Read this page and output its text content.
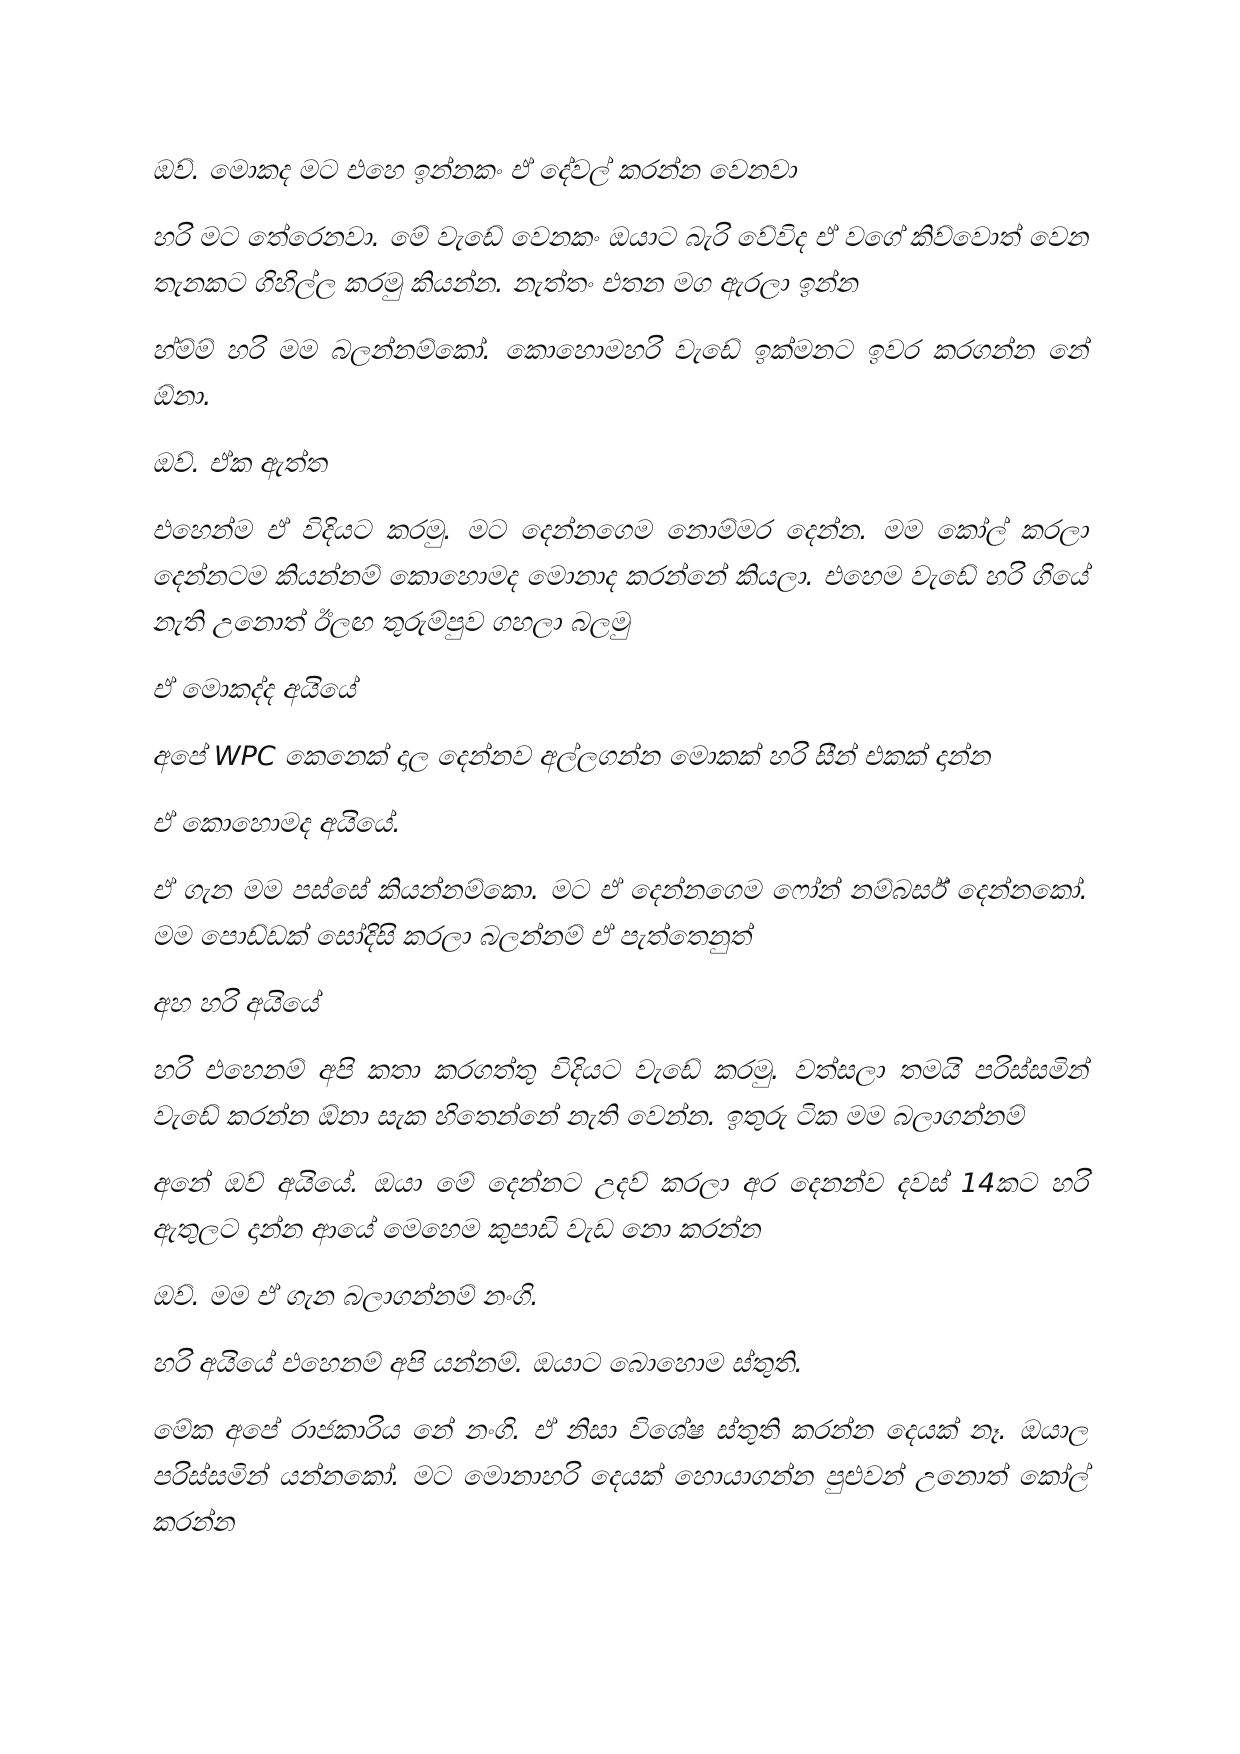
ඔව්. මොකද මට එහෙ ඉන්නකං ඒ දේවල් කරන්න වෙනවා

හරි මට තේරෙනවා. මේ වැඩේ වෙනකං ඔයාට බැරි වේවිද ඒ වගේ කිව්වොත් වෙන තැනකට ගිහිල්ල කරමු කියන්න. නැත්තං එතන මග ඇරලා ඉන්න

හ්ම්ම් හරි මම බලන්නම්කෝ. කොහොමහරි වැඩේ ඉක්මනට ඉවර කරගන්න නේ ඕනා.

ඔව්. ඒක ඇත්ත

එහෙන්ම ඒ විදියට කරමු. මට දෙන්නගෙම නොම්මර දෙන්න. මම කෝල් කරලා දෙන්නටම කියන්නම් කොහොමද මොනාද කරන්නේ කියලා. එහෙම වැඩේ හරි ගියේ නැති උනොත් ඊලඟ තුරුම්පුව ගහලා බලමු

ඒ මොකද්ද අයියේ

අපේ WPC කෙනෙක් දාල දෙන්නව අල්ලගන්න මොකක් හරි සීන් එකක් දාන්න

ඒ කොහොමද අයියේ.

ඒ ගැන මම පස්සේ කියන්නම්කො. මට ඒ දෙන්නගෙම ෆෝන් නම්බර්ස් දෙන්නකෝ. මම පොඩ්ඩක් සෝදිසි කරලා බලන්නම් ඒ පැත්තෙනුත්

අහ හරි අයියේ

හරි එහෙනම් අපි කතා කරගත්තු විදියට වැඩේ කරමු. වත්සලා තමයි පරිස්සමින් වැඩේ කරන්න ඕනා සැක හිතෙන්නේ නැති වෙන්න. ඉතුරු ටික මම බලාගන්නම්

අනේ ඔව් අයියේ. ඔයා මේ දෙන්නට උදව් කරලා අර දෙනන්ව දවස් 14කට හරි ඇතුලට දාන්න ආයේ මෙහෙම කුපාඩි වැඩ නො කරන්න

ඔව්. මම ඒ ගැන බලාගන්නම් නංගි.

හරි අයියේ එහෙනම් අපි යන්නම්. ඔයාට බොහොම ස්තුති.

මේක අපේ රාජකාරිය නේ නංගි. ඒ නිසා විශේෂ ස්තුති කරන්න දෙයක් නෑ. ඔයාල පරිස්සමින් යන්නකෝ. මට මොනාහරි දෙයක් හොයාගන්න පුළුවන් උනොත් කෝල් කරන්න
